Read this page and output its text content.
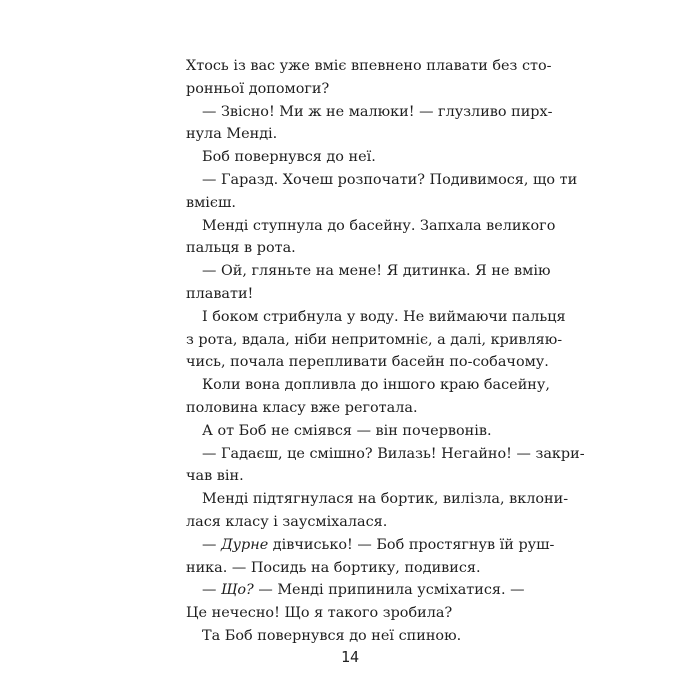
Хтось із вас уже вміє впевнено плавати без сто-
ронньої допомоги?
— Звісно! Ми ж не малюки! — глузливо пирх-
нула Менді.
Боб повернувся до неї.
— Гаразд. Хочеш розпочати? Подивимося, що ти
вмієш.
Менді ступнула до басейну. Запхала великого
пальця в рота.
— Ой, гляньте на мене! Я дитинка. Я не вмію
плавати!
І боком стрибнула у воду. Не виймаючи пальця
з рота, вдала, ніби непритомніє, а далі, кривляю-
чись, почала перепливати басейн по-собачому.
Коли вона допливла до іншого краю басейну,
половина класу вже реготала.
А от Боб не сміявся — він почервонів.
— Гадаєш, це смішно? Вилазь! Негайно! — закри-
чав він.
Менді підтягнулася на бортик, вилізла, вклони-
лася класу і заусміхалася.
— Дурне дівчисько! — Боб простягнув їй руш-
ника. — Посидь на бортику, подивися.
— Що? — Менді припинила усміхатися. —
Це нечесно! Що я такого зробила?
Та Боб повернувся до неї спиною.
14
